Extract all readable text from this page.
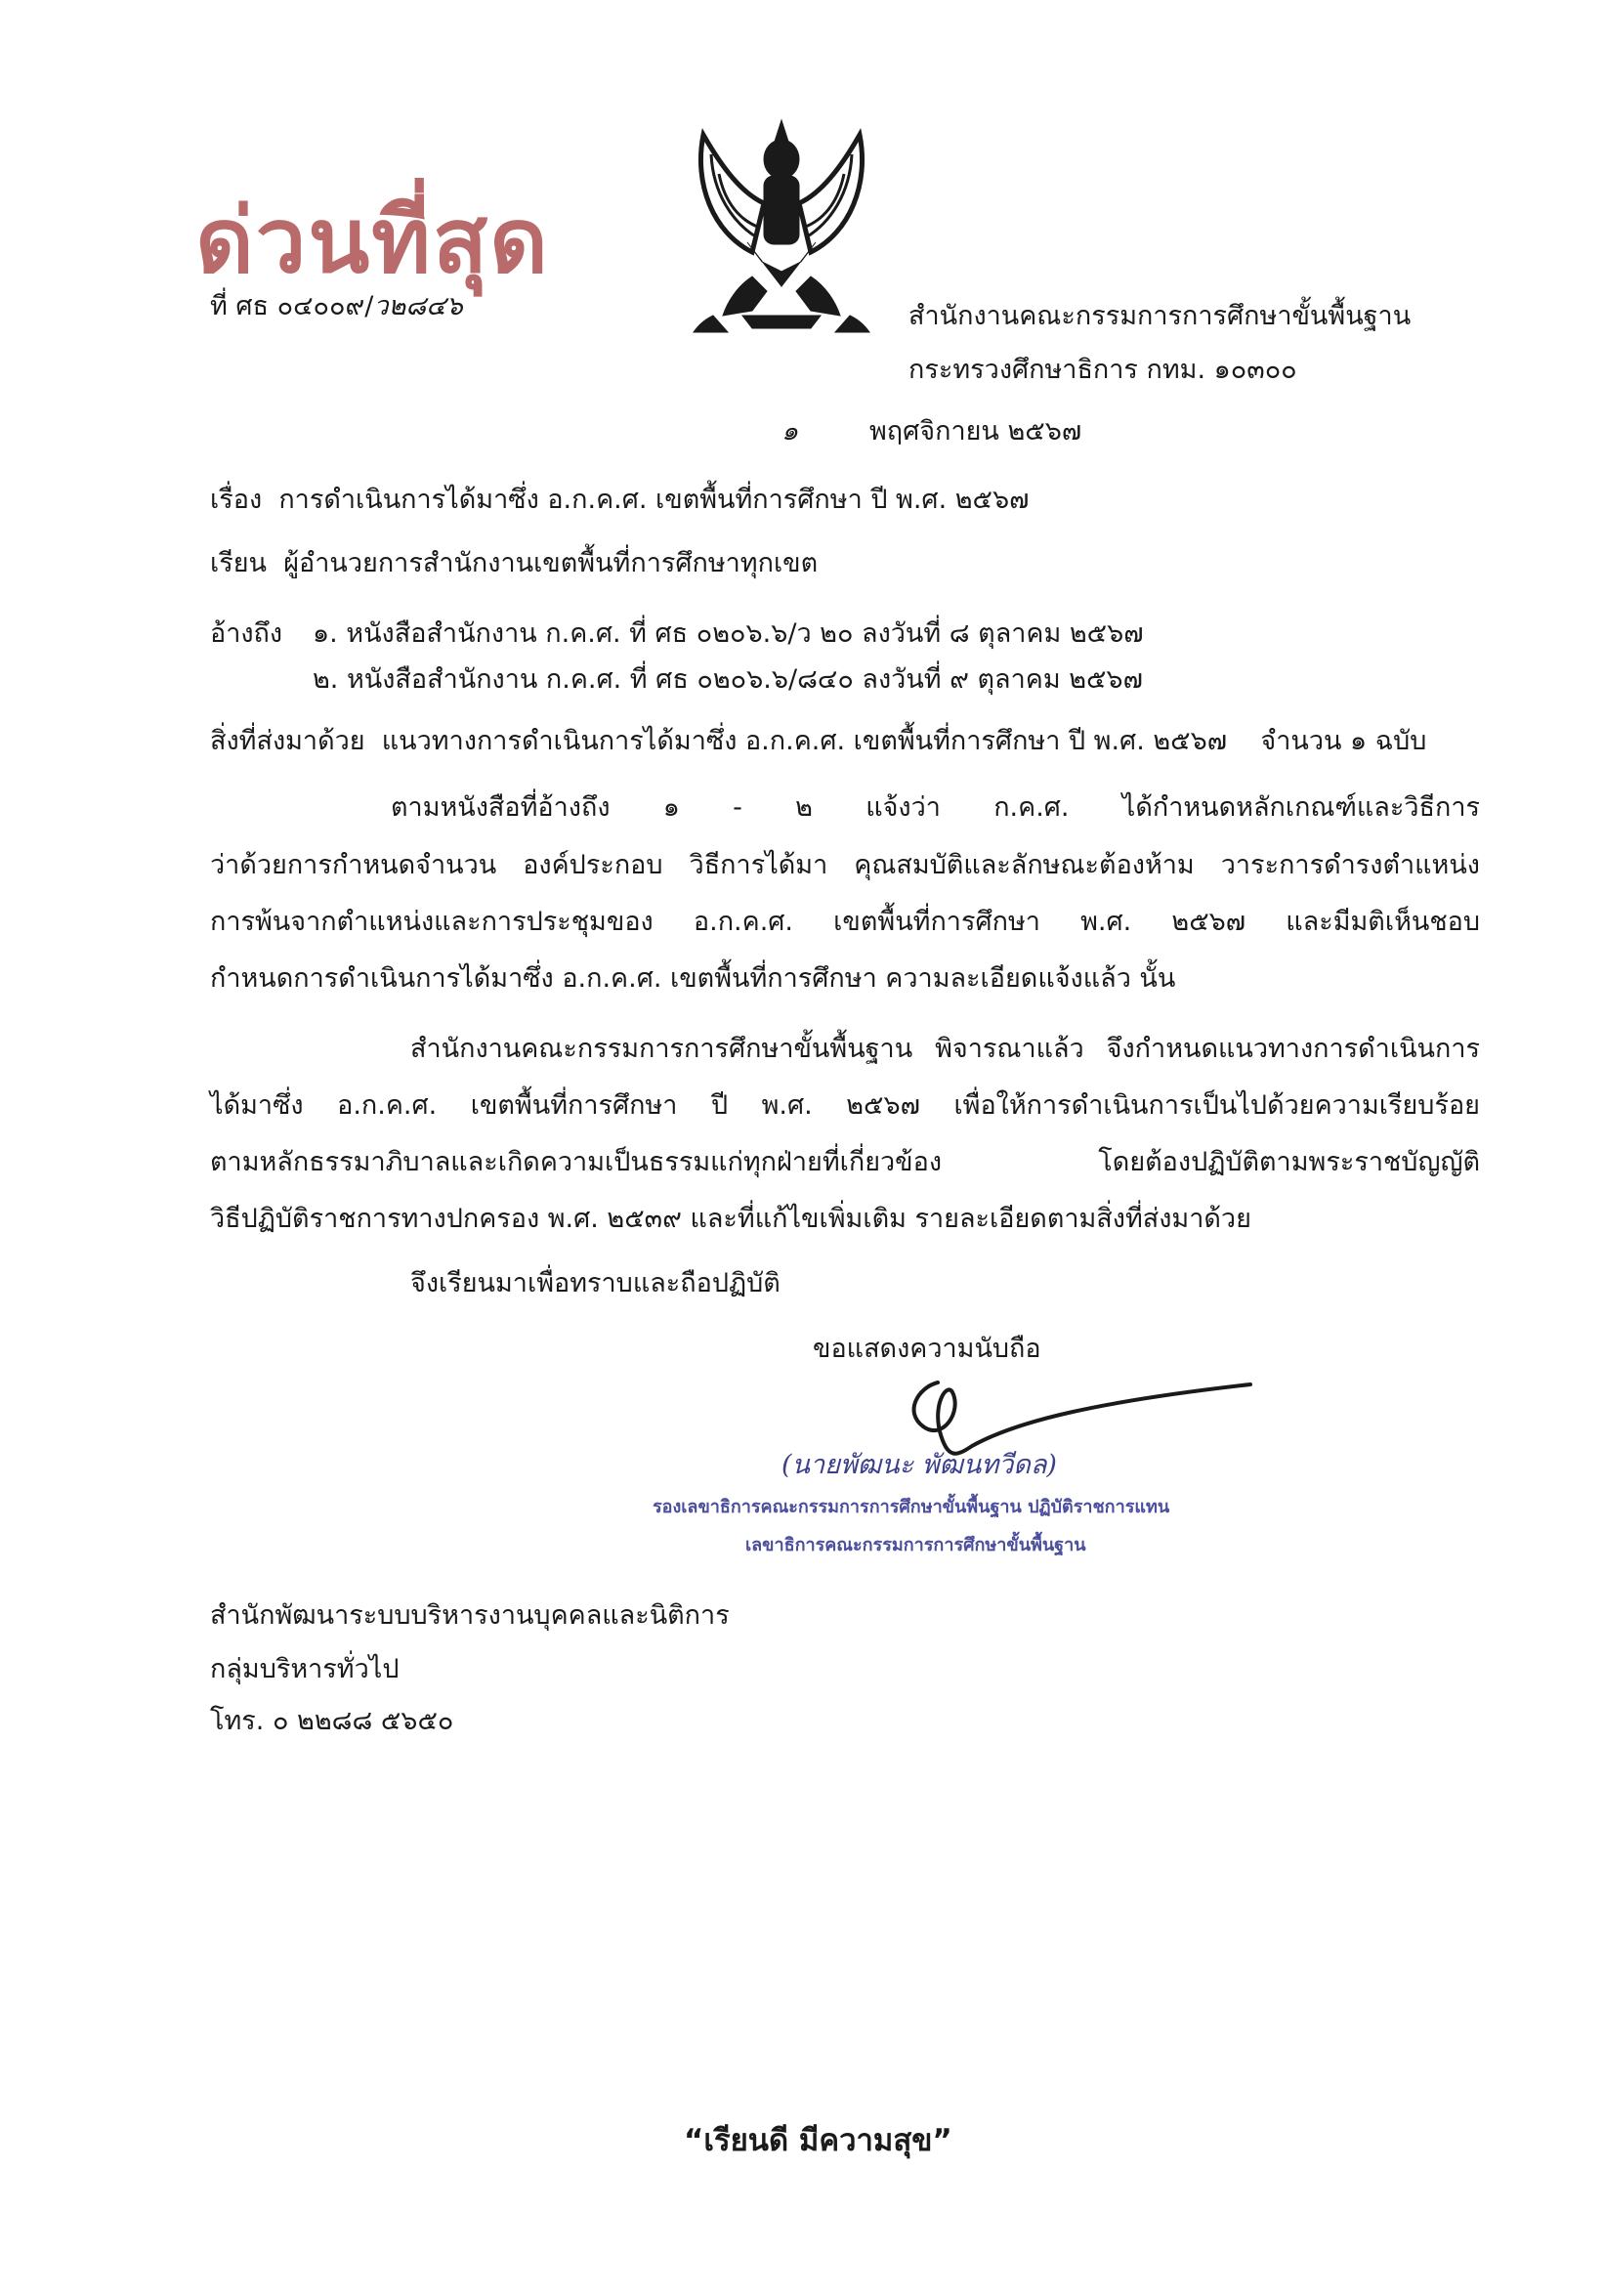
ด่วนที่สุด
ที่ ศธ ๐๔๐๐๙/ว๒๘๔๖	สำนักงานคณะกรรมการการศึกษาขั้นพื้นฐาน
กระทรวงศึกษาธิการ กทม. ๑๐๓๐๐
๑	พฤศจิกายน ๒๕๖๗
เรื่อง การดำเนินการได้มาซึ่ง อ.ก.ค.ศ. เขตพื้นที่การศึกษา ปี พ.ศ. ๒๕๖๗
เรียน ผู้อำนวยการสำนักงานเขตพื้นที่การศึกษาทุกเขต
อ้างถึง ๑. หนังสือสำนักงาน ก.ค.ศ. ที่ ศธ ๐๒๐๖.๖/ว ๒๐ ลงวันที่ ๘ ตุลาคม ๒๕๖๗
๒. หนังสือสำนักงาน ก.ค.ศ. ที่ ศธ ๐๒๐๖.๖/๘๔๐ ลงวันที่ ๙ ตุลาคม ๒๕๖๗
สิ่งที่ส่งมาด้วย แนวทางการดำเนินการได้มาซึ่ง อ.ก.ค.ศ. เขตพื้นที่การศึกษา ปี พ.ศ. ๒๕๖๗ จำนวน ๑ ฉบับ
ตามหนังสือที่อ้างถึง ๑ - ๒ แจ้งว่า ก.ค.ศ. ได้กำหนดหลักเกณฑ์และวิธีการ
ว่าด้วยการกำหนดจำนวน องค์ประกอบ วิธีการได้มา คุณสมบัติและลักษณะต้องห้าม วาระการดำรงตำแหน่ง
การพ้นจากตำแหน่งและการประชุมของ อ.ก.ค.ศ. เขตพื้นที่การศึกษา พ.ศ. ๒๕๖๗ และมีมติเห็นชอบ
กำหนดการดำเนินการได้มาซึ่ง อ.ก.ค.ศ. เขตพื้นที่การศึกษา ความละเอียดแจ้งแล้ว นั้น
สำนักงานคณะกรรมการการศึกษาขั้นพื้นฐาน พิจารณาแล้ว จึงกำหนดแนวทางการดำเนินการ
ได้มาซึ่ง อ.ก.ค.ศ. เขตพื้นที่การศึกษา ปี พ.ศ. ๒๕๖๗ เพื่อให้การดำเนินการเป็นไปด้วยความเรียบร้อย
ตามหลักธรรมาภิบาลและเกิดความเป็นธรรมแก่ทุกฝ่ายที่เกี่ยวข้อง โดยต้องปฏิบัติตามพระราชบัญญัติ
วิธีปฏิบัติราชการทางปกครอง พ.ศ. ๒๕๓๙ และที่แก้ไขเพิ่มเติม รายละเอียดตามสิ่งที่ส่งมาด้วย
จึงเรียนมาเพื่อทราบและถือปฏิบัติ
ขอแสดงความนับถือ
(นายพัฒนะ พัฒนทวีดล)
รองเลขาธิการคณะกรรมการการศึกษาขั้นพื้นฐาน ปฏิบัติราชการแทน
เลขาธิการคณะกรรมการการศึกษาขั้นพื้นฐาน
สำนักพัฒนาระบบบริหารงานบุคคลและนิติการ
กลุ่มบริหารทั่วไป
โทร. ๐ ๒๒๘๘ ๕๖๕๐
“เรียนดี มีความสุข”
